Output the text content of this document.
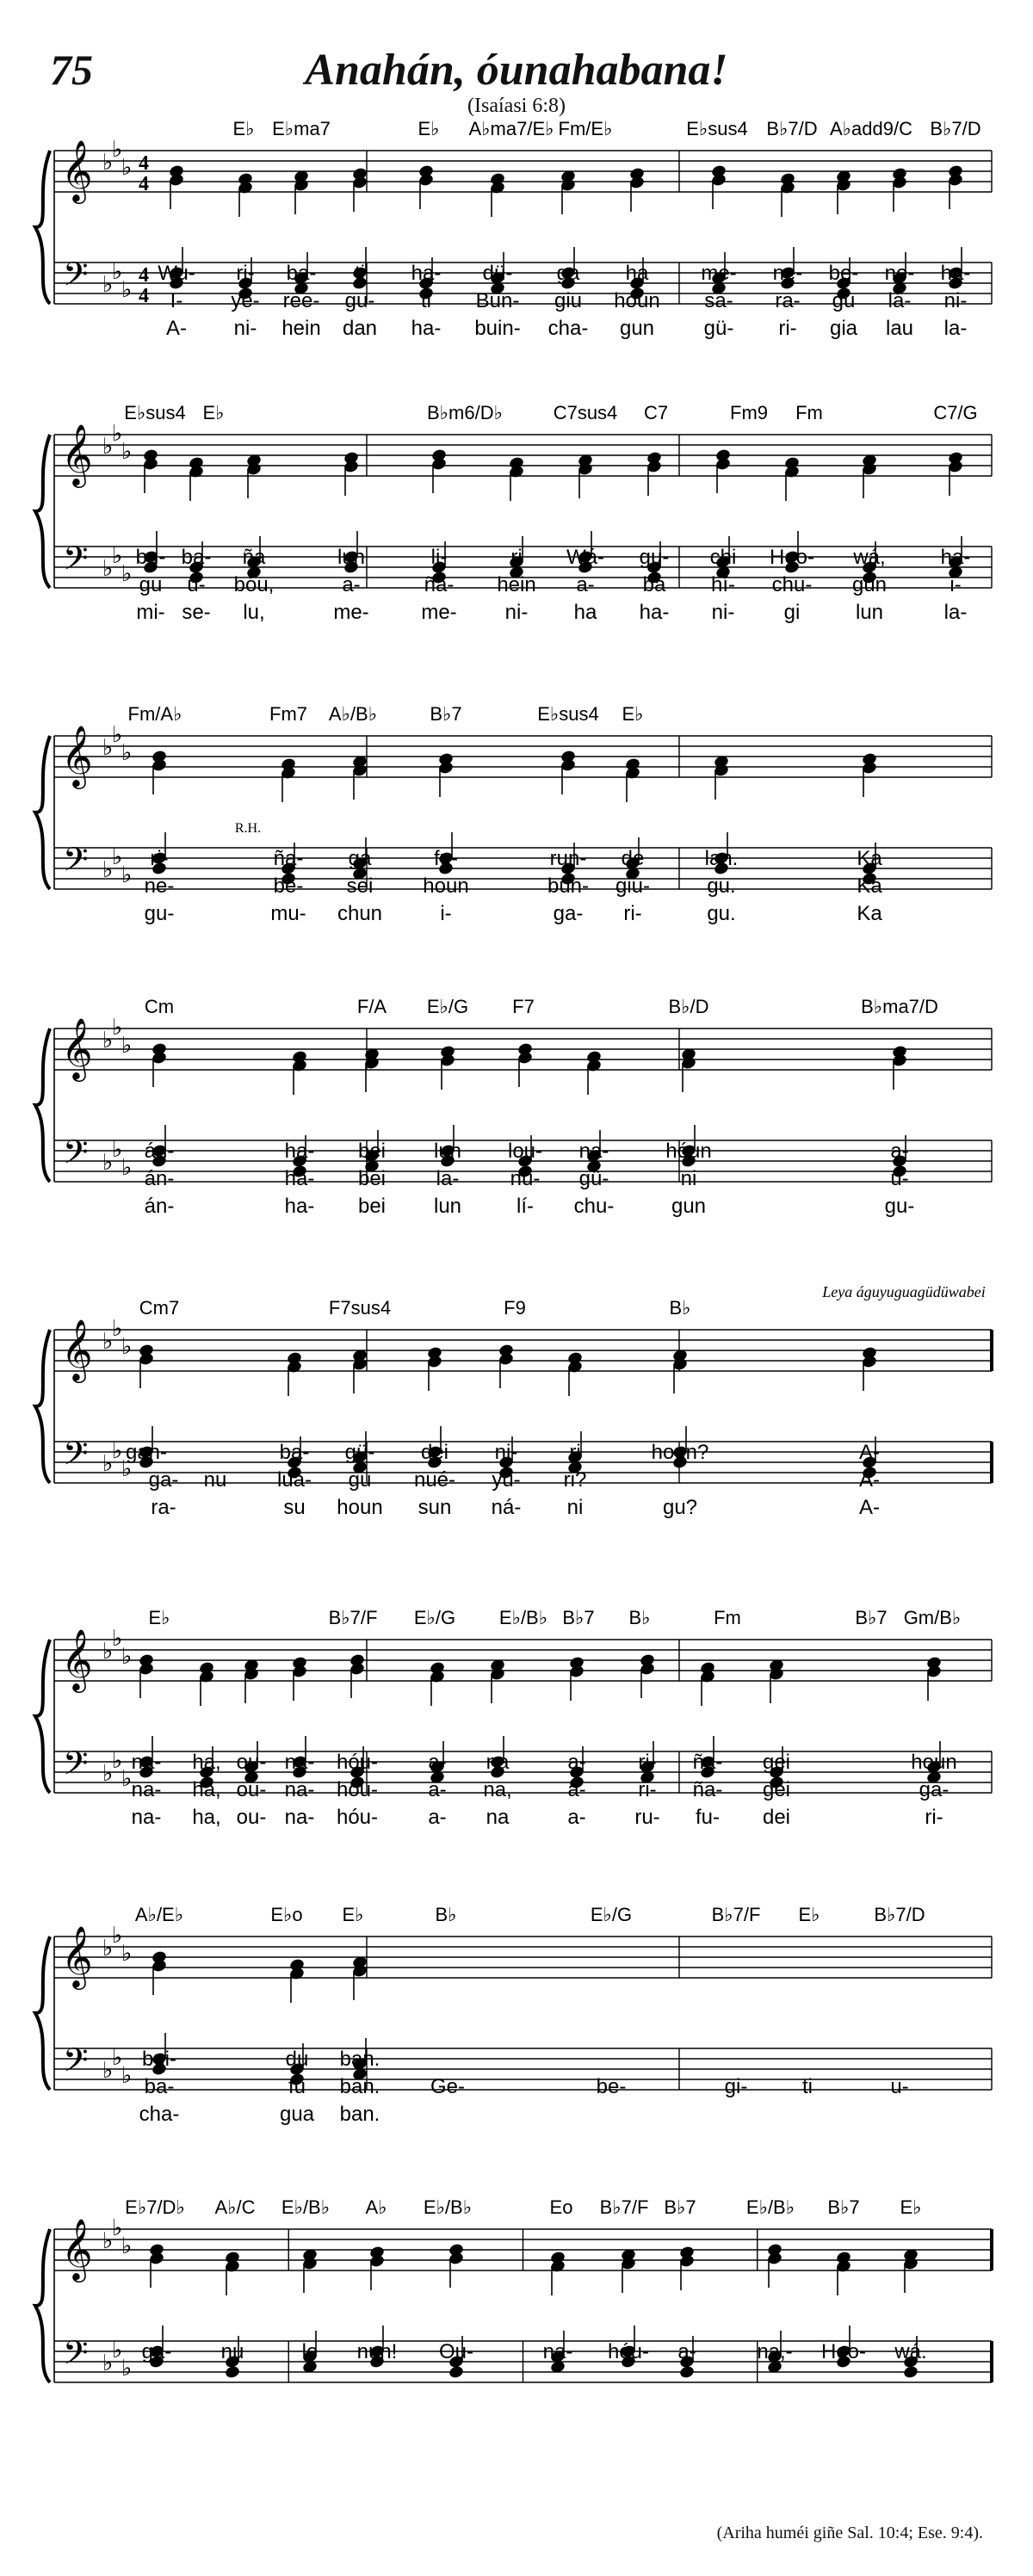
75	Anahán, óunahabana!
(Isaíasi 6:8)
𝄞
𝄢
♭
♭
♭
♭
♭
♭
4
4
4
4
E♭ E♭ma7	E♭ A♭ma7/E♭ Fm/E♭	E♭sus4 B♭7/D A♭add9/C B♭7/D
Wu- ri- ba- ti ha- dü- ga ha	me- ne- be- ne- ha-
I- ye- ree- gu- ti Bun- giu houn sa- ra- gu lá- ni-
A- ni- hein dan ha- buin- cha- gun gü- ri- gia lau la-
𝄞
𝄢
♭
♭
♭
♭
♭
♭
E♭sus4 E♭	B♭m6/D♭	C7sus4 C7	Fm9 Fm	C7/G
bu- ba- ña	lun	li-	ri Wá- gu- chi Heo- wá,	ha-
gu u- bóu,	a-	ña- hein a- ba hí- chu- gun	i-
mi- se- lu,	me-	me- ni- ha ha- ni- gi	lun	la-
𝄞
𝄢
♭
♭
♭
♭
♭
♭
Fm/A♭	Fm7 A♭/B♭	B♭7	E♭sus4 E♭
R.H.
ri-	ña- ga	fu-	run- de	lan.	Ka
ne-	be- sei houn	bún- giu-	gu.	Ka
gu-	mu- chun	i-	ga- ri-	gu.	Ka
𝄞
𝄢
♭
♭
♭
♭
♭
♭
Cm	F/A E♭/G F7	B♭/D	B♭ma7/D
án-	ha- bei lun lou- na-	hóun	a-
án-	ha- bei la- nü- gü-	ni	u-
án-	ha- bei lun	lí- chu-	gun	gu-
𝄞
𝄢
♭
♭
♭
♭
♭
♭
Cm7	F7sus4	F9	B♭
Leya águyuguagüdüwabei
gan-	ba- gü- dei ni-	ri	houn?	A-
ga- nu lua- gu nué- yu- ri?	A-
ra-	su houn sun ná- ni	gu?	A-
𝄞
𝄢
♭
♭
♭
♭
♭
♭
E♭	B♭7/F E♭/G E♭/B♭ B♭7 B♭	Fm	B♭7 Gm/B♭
na- ha, ou- na- hóu- a- na	a-	ri- ña- gei	houn
na- ha, ou- na- hóu- a- na,	a-	ri- ña- gei	ga-
na- ha, ou- na- hóu- a- na	a- ru- fu- dei	ri-
𝄞
𝄢
♭
♭
♭
♭
♭
♭
A♭/E♭	E♭o E♭	B♭	E♭/G	B♭7/F E♭	B♭7/D
bui-	du ban.
ba-	fu ban. Ge-	be-	gi-	ti	u-
cha-	gua ban.
𝄞
𝄢
♭
♭
♭
♭
♭
♭
E♭7/D♭ A♭/C E♭/B♭ A♭ E♭/B♭	Eo B♭7/F B♭7	E♭/B♭ B♭7 E♭
ga- nu	le nun! Ou-	na- hóu- a-	na,- Heo- wá.
(Ariha huméi giñe Sal. 10:4; Ese. 9:4).
